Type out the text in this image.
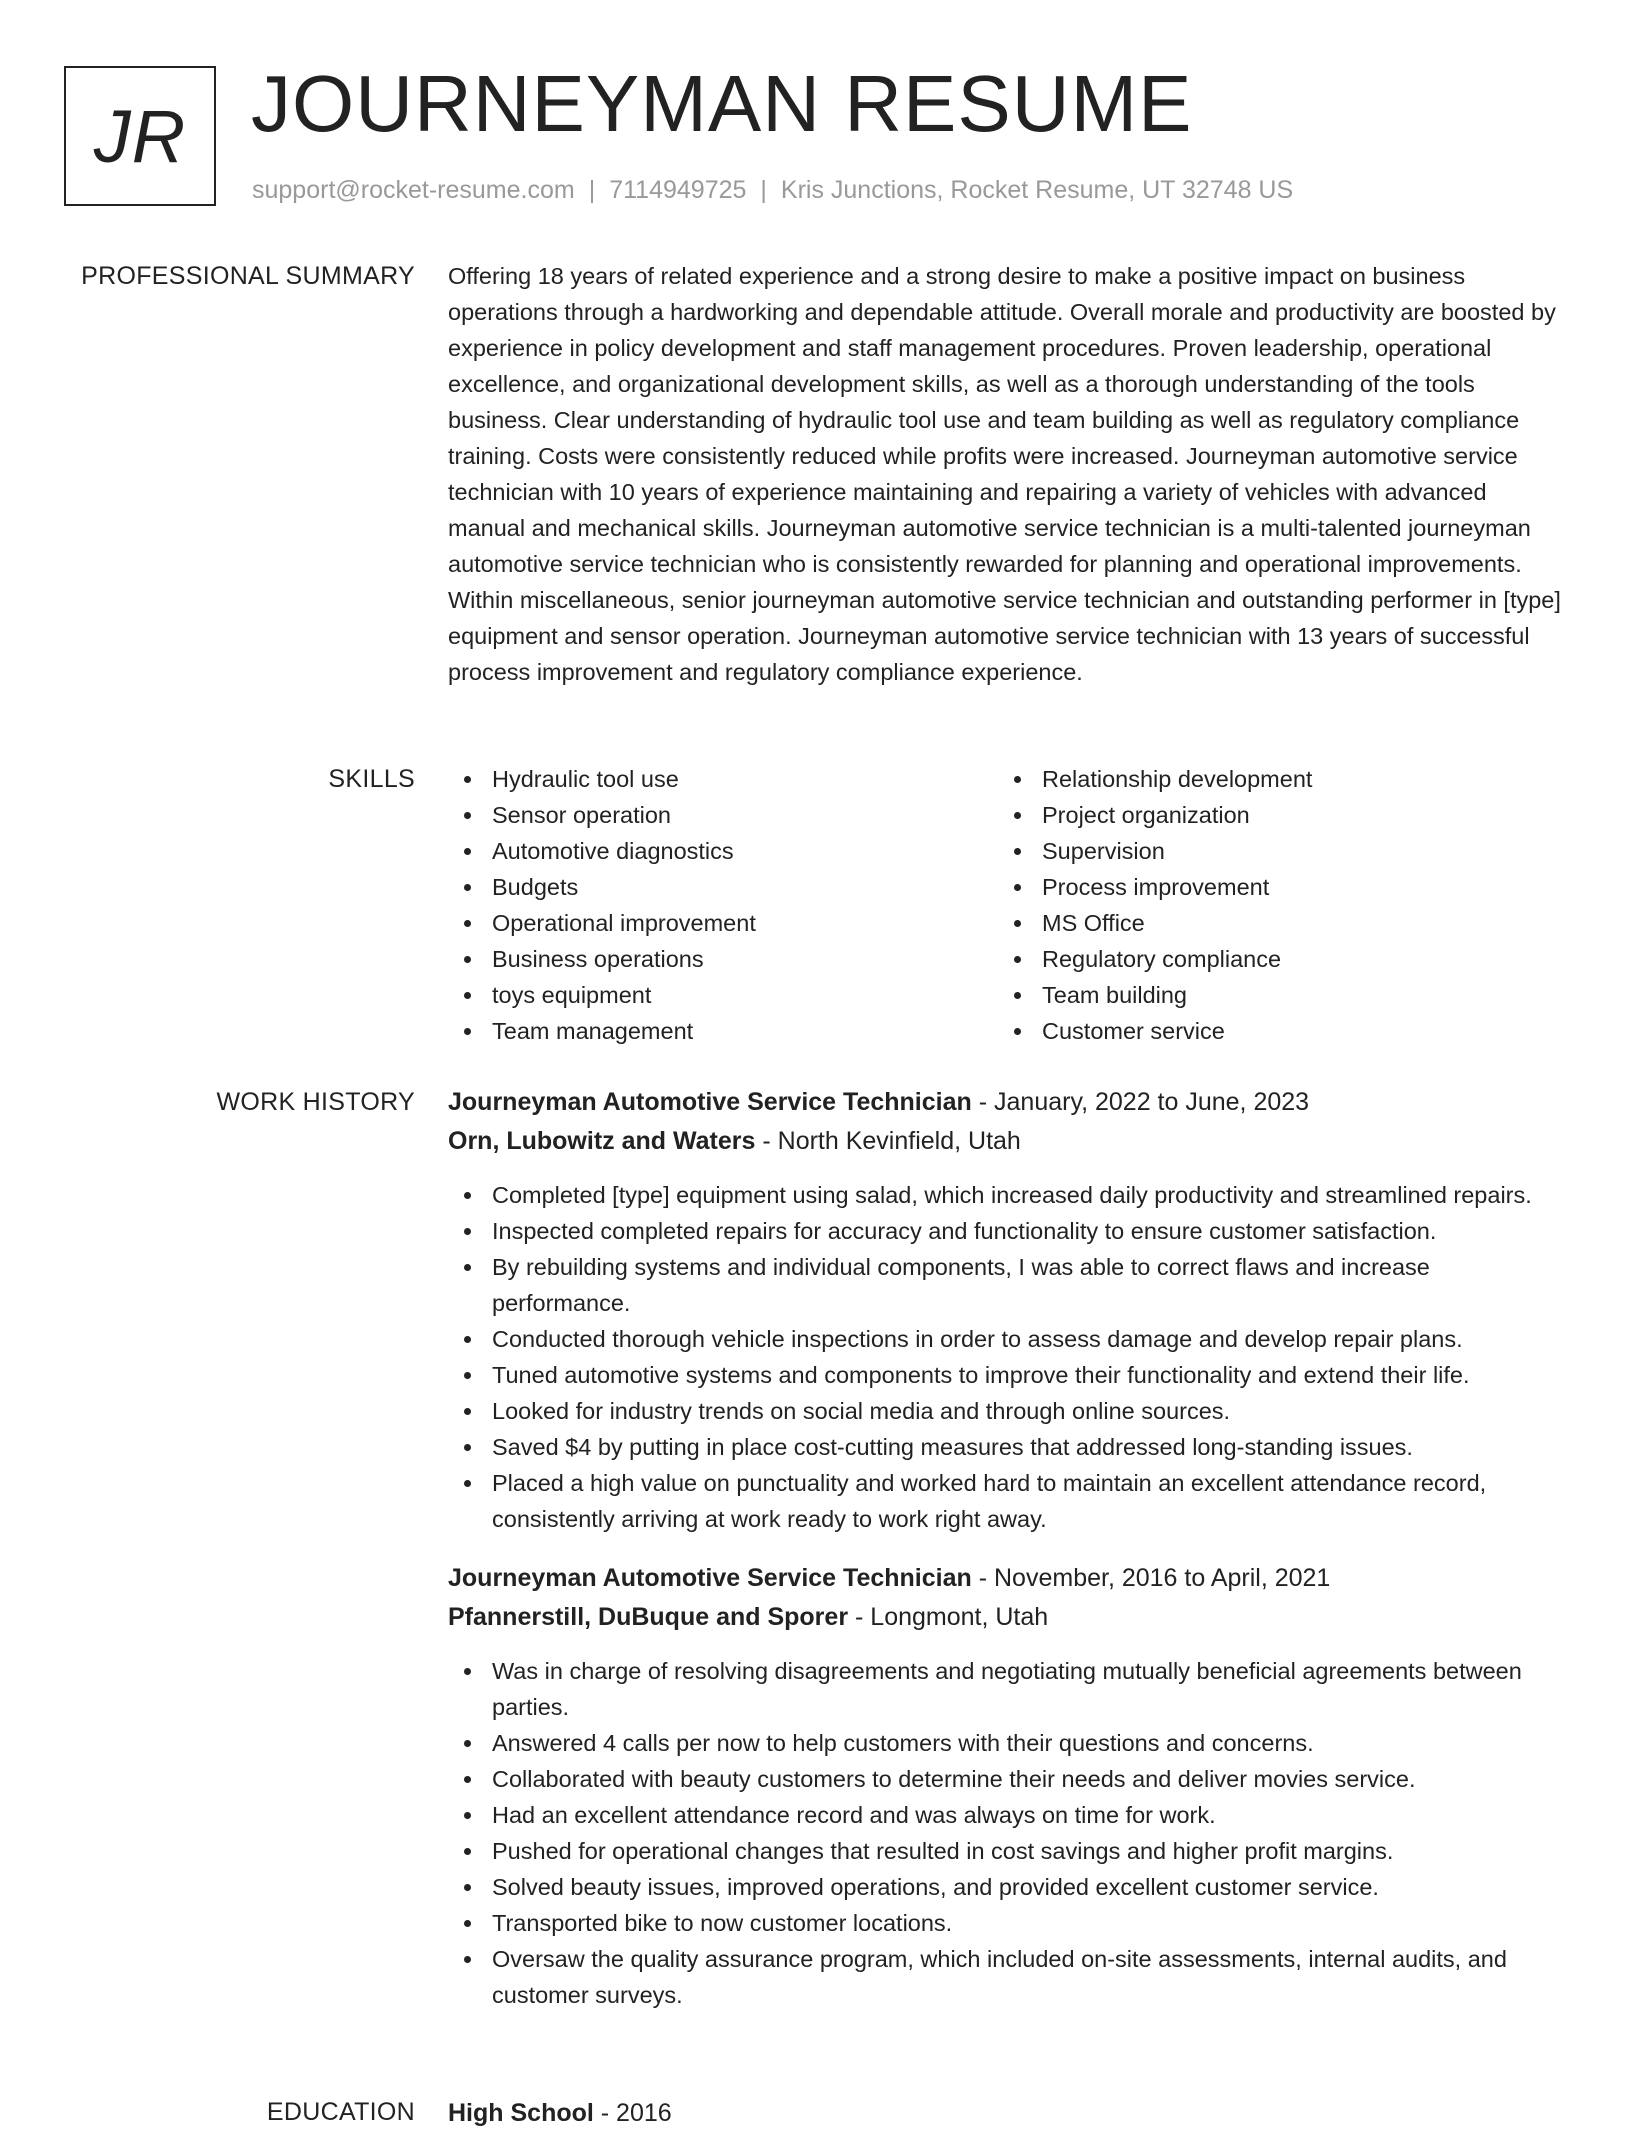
JR JOURNEYMAN RESUME
support@rocket-resume.com | 7114949725 | Kris Junctions, Rocket Resume, UT 32748 US
PROFESSIONAL SUMMARY Offering 18 years of related experience and a strong desire to make a positive impact on business operations through a hardworking and dependable attitude. Overall morale and productivity are boosted by experience in policy development and staff management procedures. Proven leadership, operational excellence, and organizational development skills, as well as a thorough understanding of the tools business. Clear understanding of hydraulic tool use and team building as well as regulatory compliance training. Costs were consistently reduced while profits were increased. Journeyman automotive service technician with 10 years of experience maintaining and repairing a variety of vehicles with advanced manual and mechanical skills. Journeyman automotive service technician is a multi-talented journeyman automotive service technician who is consistently rewarded for planning and operational improvements. Within miscellaneous, senior journeyman automotive service technician and outstanding performer in [type] equipment and sensor operation. Journeyman automotive service technician with 13 years of successful process improvement and regulatory compliance experience.

SKILLS	Hydraulic tool use
Sensor operation
Automotive diagnostics
Budgets
Operational improvement
Business operations
toys equipment
Team management
Relationship development
Project organization
Supervision
Process improvement
MS Office
Regulatory compliance
Team building
Customer service
WORK HISTORY Journeyman Automotive Service Technician - January, 2022 to June, 2023
Orn, Lubowitz and Waters - North Kevinfield, Utah
Completed [type] equipment using salad, which increased daily productivity and streamlined repairs.
Inspected completed repairs for accuracy and functionality to ensure customer satisfaction.
By rebuilding systems and individual components, I was able to correct flaws and increase performance.
Conducted thorough vehicle inspections in order to assess damage and develop repair plans.
Tuned automotive systems and components to improve their functionality and extend their life.
Looked for industry trends on social media and through online sources.
Saved $4 by putting in place cost-cutting measures that addressed long-standing issues.
Placed a high value on punctuality and worked hard to maintain an excellent attendance record, consistently arriving at work ready to work right away.
Journeyman Automotive Service Technician - November, 2016 to April, 2021
Pfannerstill, DuBuque and Sporer - Longmont, Utah
Was in charge of resolving disagreements and negotiating mutually beneficial agreements between parties.
Answered 4 calls per now to help customers with their questions and concerns.
Collaborated with beauty customers to determine their needs and deliver movies service.
Had an excellent attendance record and was always on time for work.
Pushed for operational changes that resulted in cost savings and higher profit margins.
Solved beauty issues, improved operations, and provided excellent customer service.
Transported bike to now customer locations.
Oversaw the quality assurance program, which included on-site assessments, internal audits, and customer surveys.
EDUCATION High School - 2016
